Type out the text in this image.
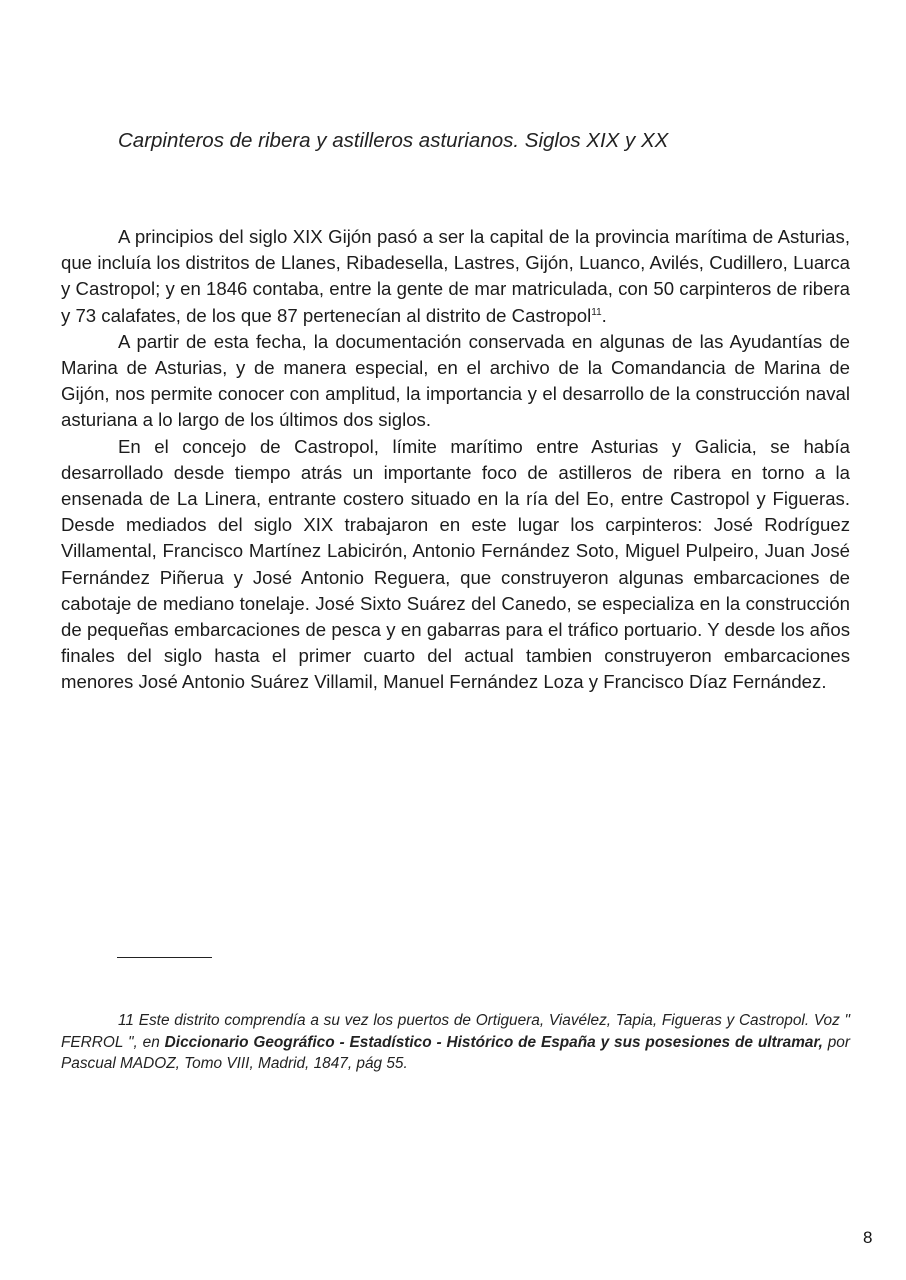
Carpinteros de ribera y astilleros asturianos. Siglos XIX y XX

A principios del siglo XIX Gijón pasó a ser la capital de la provincia marítima de Asturias, que incluía los distritos de Llanes, Ribadesella, Lastres, Gijón, Luanco, Avilés, Cudillero, Luarca y Castropol; y en 1846 contaba, entre la gente de mar matriculada, con 50 carpinteros de ribera y 73 calafates, de los que 87 pertenecían al distrito de Castropol$^{11}$.

A partir de esta fecha, la documentación conservada en algunas de las Ayudantías de Marina de Asturias, y de manera especial, en el archivo de la Comandancia de Marina de Gijón, nos permite conocer con amplitud, la importancia y el desarrollo de la construcción naval asturiana a lo largo de los últimos dos siglos.

En el concejo de Castropol, límite marítimo entre Asturias y Galicia, se había desarrollado desde tiempo atrás un importante foco de astilleros de ribera en torno a la ensenada de La Linera, entrante costero situado en la ría del Eo, entre Castropol y Figueras. Desde mediados del siglo XIX trabajaron en este lugar los carpinteros: José Rodríguez Villamental, Francisco Martínez Labicirón, Antonio Fernández Soto, Miguel Pulpeiro, Juan José Fernández Piñerua y José Antonio Reguera, que construyeron algunas embarcaciones de cabotaje de mediano tonelaje. José Sixto Suárez del Canedo, se especializa en la construcción de pequeñas embarcaciones de pesca y en gabarras para el tráfico portuario. Y desde los años finales del siglo hasta el primer cuarto del actual tambien construyeron embarcaciones menores José Antonio Suárez Villamil, Manuel Fernández Loza y Francisco Díaz Fernández.

11 Este distrito comprendía a su vez los puertos de Ortiguera, Viavélez, Tapia, Figueras y Castropol. Voz " FERROL ", en Diccionario Geográfico - Estadístico - Histórico de España y sus posesiones de ultramar, por Pascual MADOZ, Tomo VIII, Madrid, 1847, pág 55.
8
